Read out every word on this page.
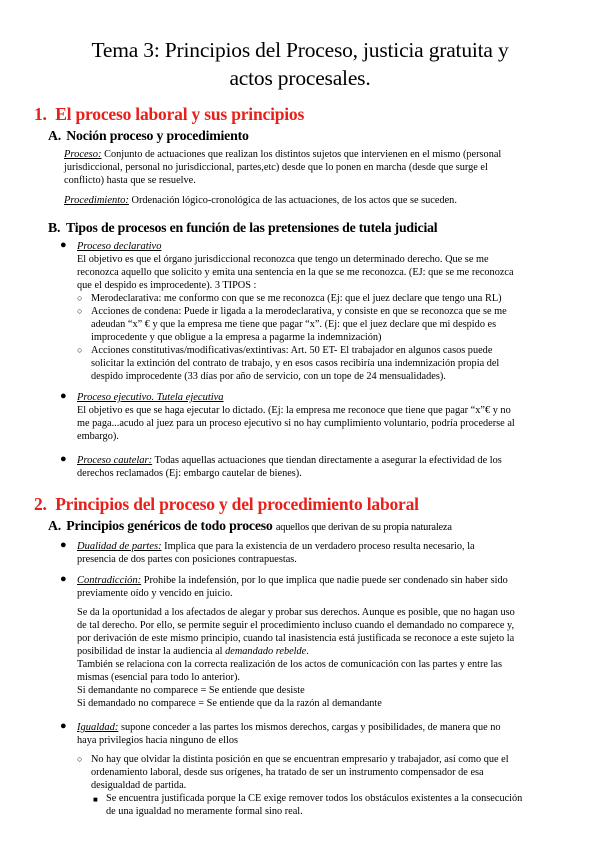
Tema 3: Principios del Proceso, justicia gratuita y
actos procesales.
1. El proceso laboral y sus principios
A. Noción proceso y procedimiento

Proceso: Conjunto de actuaciones que realizan los distintos sujetos que intervienen en el mismo (personal

jurisdiccional, personal no jurisdiccional, partes,etc) desde que lo ponen en marcha (desde que surge el

conflicto) hasta que se resuelve.

Procedimiento: Ordenación lógico-cronológica de las actuaciones, de los actos que se suceden.

B. Tipos de procesos en función de las pretensiones de tutela judicial
● Proceso declarativo

El objetivo es que el órgano jurisdiccional reconozca que tengo un determinado derecho. Que se me

reconozca aquello que solicito y emita una sentencia en la que se me reconozca. (EJ: que se me reconozca

que el despido es improcedente). 3 TIPOS :

○ Merodeclarativa: me conformo con que se me reconozca (Ej: que el juez declare que tengo una RL)

○ Acciones de condena: Puede ir ligada a la merodeclarativa, y consiste en que se reconozca que se me

adeudan “x” € y que la empresa me tiene que pagar “x”. (Ej: que el juez declare que mi despido es

improcedente y que obligue a la empresa a pagarme la indemnización)

○ Acciones constitutivas/modificativas/extintivas: Art. 50 ET- El trabajador en algunos casos puede

solicitar la extinción del contrato de trabajo, y en esos casos recibiría una indemnización propia del

despido improcedente (33 días por año de servicio, con un tope de 24 mensualidades).

● Proceso ejecutivo. Tutela ejecutiva

El objetivo es que se haga ejecutar lo dictado. (Ej: la empresa me reconoce que tiene que pagar “x”€ y no

me paga...acudo al juez para un proceso ejecutivo si no hay cumplimiento voluntario, podría procederse al

embargo).

● Proceso cautelar: Todas aquellas actuaciones que tiendan directamente a asegurar la efectividad de los

derechos reclamados (Ej: embargo cautelar de bienes).

2. Principios del proceso y del procedimiento laboral
A. Principios genéricos de todo proceso aquellos que derivan de su propia naturaleza
● Dualidad de partes: Implica que para la existencia de un verdadero proceso resulta necesario, la

presencia de dos partes con posiciones contrapuestas.

● Contradicción: Prohibe la indefensión, por lo que implica que nadie puede ser condenado sin haber sido

previamente oído y vencido en juicio.

Se da la oportunidad a los afectados de alegar y probar sus derechos. Aunque es posible, que no hagan uso

de tal derecho. Por ello, se permite seguir el procedimiento incluso cuando el demandado no comparece y,

por derivación de este mismo principio, cuando tal inasistencia está justificada se reconoce a este sujeto la

posibilidad de instar la audiencia al demandado rebelde.

También se relaciona con la correcta realización de los actos de comunicación con las partes y entre las

mismas (esencial para todo lo anterior).

Si demandante no comparece = Se entiende que desiste

Si demandado no comparece = Se entiende que da la razón al demandante

● Igualdad: supone conceder a las partes los mismos derechos, cargas y posibilidades, de manera que no

haya privilegios hacia ninguno de ellos

○ No hay que olvidar la distinta posición en que se encuentran empresario y trabajador, así como que el

ordenamiento laboral, desde sus orígenes, ha tratado de ser un instrumento compensador de esa

desigualdad de partida.

■ Se encuentra justificada porque la CE exige remover todos los obstáculos existentes a la consecución

de una igualdad no meramente formal sino real.
